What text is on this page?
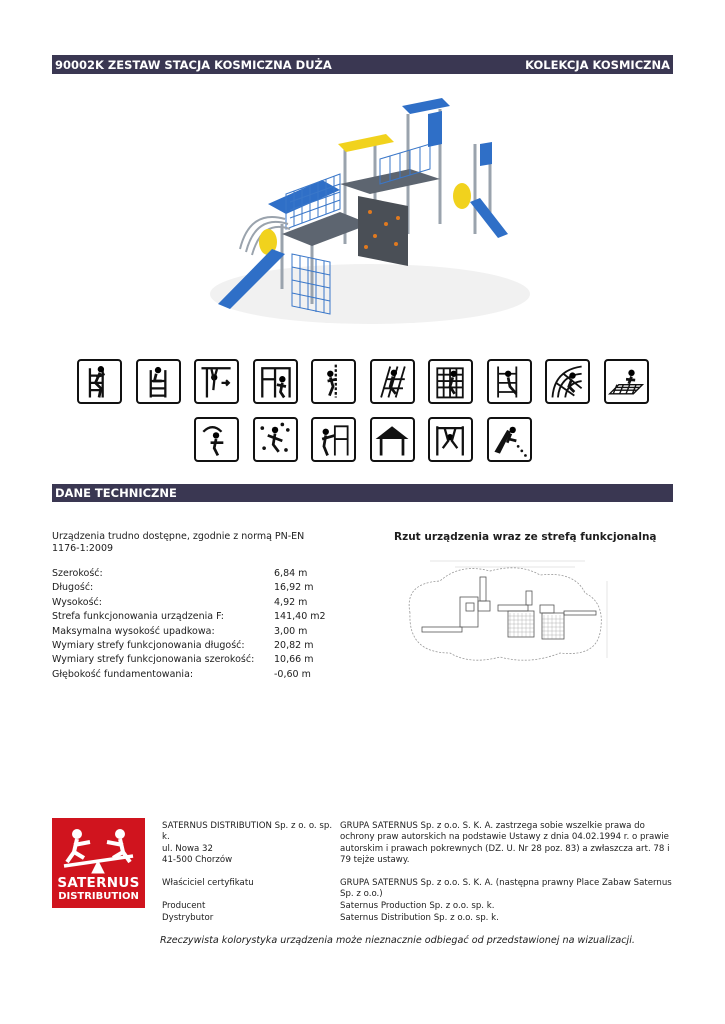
90002K ZESTAW STACJA KOSMICZNA DUŻA	KOLEKCJA KOSMICZNA
DANE TECHNICZNE
Urządzenia trudno dostępne, zgodnie z normą PN-EN 1176-1:2009
Szerokość:	6,84 m
Długość:	16,92 m
Wysokość:	4,92 m
Strefa funkcjonowania urządzenia F:	141,40 m2
Maksymalna wysokość upadkowa:	3,00 m
Wymiary strefy funkcjonowania długość:	20,82 m
Wymiary strefy funkcjonowania szerokość:	10,66 m
Głębokość fundamentowania:	-0,60 m
Rzut urządzenia wraz ze strefą funkcjonalną
SATERNUS
DISTRIBUTION
SATERNUS DISTRIBUTION Sp. z o. o. sp. k.
ul. Nowa 32
41-500 Chorzów
GRUPA SATERNUS Sp. z o.o. S. K. A. zastrzega sobie wszelkie prawa do ochrony praw autorskich na podstawie Ustawy z dnia 04.02.1994 r. o prawie autorskim i prawach pokrewnych (DZ. U. Nr 28 poz. 83) a zwłaszcza art. 78 i 79 tejże ustawy.
Właściciel certyfikatu	GRUPA SATERNUS Sp. z o.o. S. K. A. (następna prawny Place Zabaw Saternus Sp. z o.o.)
Producent	Saternus Production Sp. z o.o. sp. k.
Dystrybutor	Saternus Distribution Sp. z o.o. sp. k.
Rzeczywista kolorystyka urządzenia może nieznacznie odbiegać od przedstawionej na wizualizacji.
